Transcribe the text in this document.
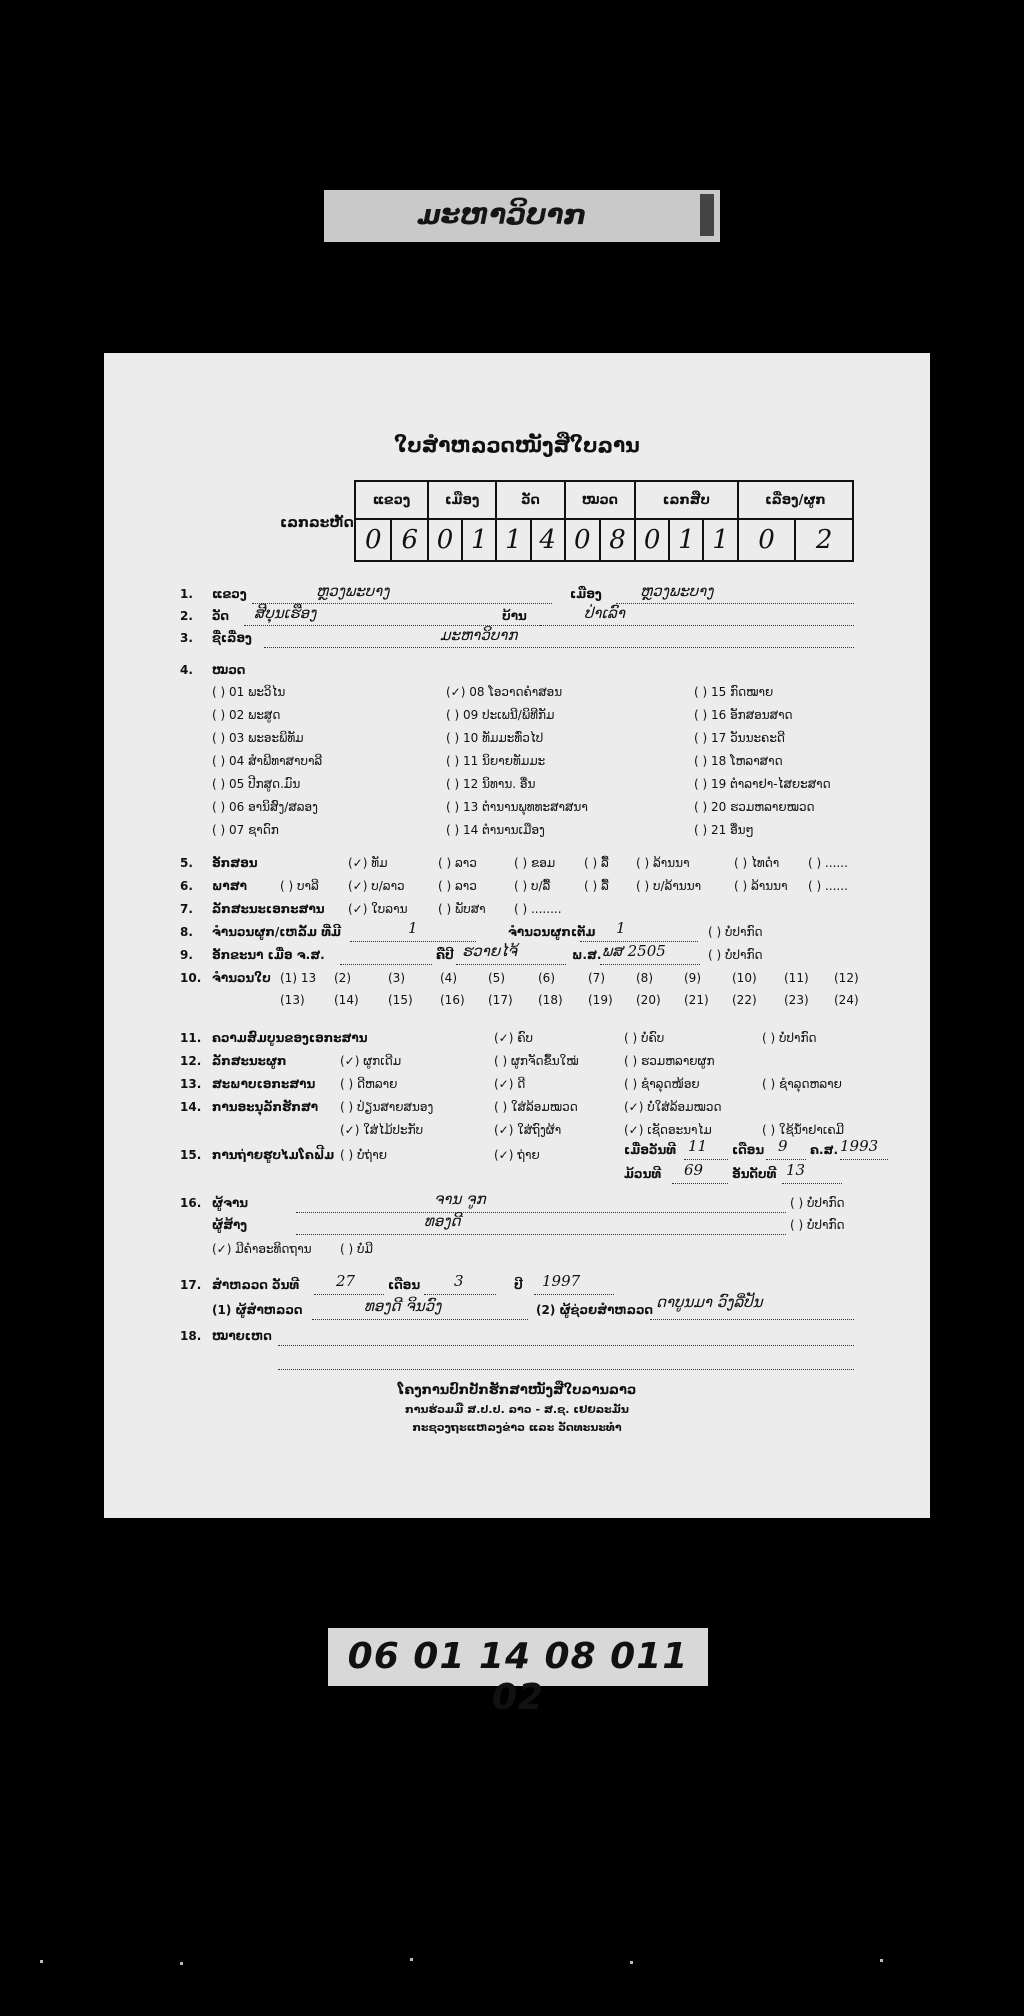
ມະຫາວິບາກ
ໃບສຳຫລວດໜັງສືໃບລານ
ເລກລະຫັດ
ແຂວງ		ເມືອງ		ວັດ		ໝວດ		ເລກສືບ			ເລື່ອງ/ຜູກ	
0	6	0	1	1	4	0	8	0	1	1	0	2
1. ແຂວງ	ຫຼວງພະບາງ	ເມືອງ	ຫຼວງພະບາງ
2. ວັດ ສີບຸນເຮືອງ	ບ້ານ	ປ່າເລົາ
3. ຊື່ເລື່ອງ	ມະຫາວິບາກ
4. ໝວດ
( ) 01 ພະວິໄນ
( ) 02 ພະສູດ
( ) 03 ພະອະພິທັມ
( ) 04 ສຳພີທາສາບາລີ
( ) 05 ປີກສູດ.ມົນ
( ) 06 ອານິສົງ/ສລອງ
( ) 07 ຊາດົກ
(✓) 08 ໂອວາດຄຳສອນ
( ) 09 ປະເພນີ/ພິທີກັມ
( ) 10 ທັມມະທົ່ວໄປ
( ) 11 ນິຍາຍທັມມະ
( ) 12 ນິທານ. ອື່ນ
( ) 13 ຕຳນານພຸທທະສາສນາ
( ) 14 ຕຳນານເມືອງ
( ) 15 ກົດໝາຍ
( ) 16 ອັກສອນສາດ
( ) 17 ວັນນະຄະດີ
( ) 18 ໂຫລາສາດ
( ) 19 ຕຳລາຢາ-ໄສຍະສາດ
( ) 20 ຮວມຫລາຍໝວດ
( ) 21 ອື່ນໆ
5. ອັກສອນ	(✓) ທັມ	( ) ລາວ	( ) ຂອມ ( ) ລື້ ( ) ລ້ານນາ	( ) ໄທດຳ ( ) ......
6. ພາສາ	( ) ບາລີ (✓) ບ/ລາວ	( ) ລາວ	( ) ບ/ລື້	( ) ລື້ ( ) ບ/ລ້ານນາ	( ) ລ້ານນາ ( ) ......
7. ລັກສະນະເອກະສານ (✓) ໃບລານ	( ) ພັບສາ ( ) ........
8. ຈຳນວນຜູກ/ເຫລັ້ມ ທີ່ມີ	1	ຈຳນວນຜູກເຕັມ 1	( ) ບໍ່ປາກົດ
9. ອັກຂະນາ ເມື່ອ ຈ.ສ.	ຄືປີ ຮວາຍໄຈ້	ພ.ສ. ພສ 2505	( ) ບໍ່ປາກົດ
10. ຈຳນວນໃບ (1) 13 (2)	(3)	(4)	(5)	(6)	(7)	(8)	(9)	(10) (11) (12)
(13) (14) (15) (16) (17) (18) (19) (20) (21) (22) (23) (24)
11. ຄວາມສົມບູນຂອງເອກະສານ	(✓) ຄົບ	( ) ບໍ່ຄົບ	( ) ບໍ່ປາກົດ
12. ລັກສະນະຜູກ	(✓) ຜູກເດີມ	( ) ຜູກຈັດຂຶ້ນໃໝ່	( ) ຮວມຫລາຍຜູກ
13. ສະພາບເອກະສານ ( ) ດີຫລາຍ	(✓) ດີ	( ) ຊຳລຸດໜ້ອຍ	( ) ຊຳລຸດຫລາຍ
14. ການອະນຸລັກຮັກສາ ( ) ປ່ຽນສາຍສນອງ	( ) ໃສ່ລ້ອມໝວດ	(✓) ບໍ່ໃສ່ລ້ອມໝວດ
(✓) ໃສ່ໄມ້ປະກັບ	(✓) ໃສ່ຖົງຜ້າ	(✓) ເຊັດອະນາໄມ	( ) ໃຊ້ນ້ຳຢາເຄມີ
15. ການຖ່າຍຮູບໄມໂຄຟີມ ( ) ບໍ່ຖ່າຍ	(✓) ຖ່າຍ	ເມື່ອວັນທີ 11 ເດືອນ 9 ຄ.ສ. 1993
ມ້ວນທີ 69 ອັນດັບທີ 13
16. ຜູ້ຈານ	ຈານ ຈູກ	( ) ບໍ່ປາກົດ
ຜູ້ສ້າງ	ທອງດີ	( ) ບໍ່ປາກົດ
(✓) ມີຄຳອະທິດຖານ ( ) ບໍ່ມີ
17. ສຳຫລວດ ວັນທີ 27	ເດືອນ 3	ປີ 1997
(1) ຜູ້ສຳຫລວດ	ທອງດີ ຈິນວົງ	(2) ຜູ້ຊ່ວຍສຳຫລວດ ດາບູນມາ ວົງລີ່ປັນ
18. ໝາຍເຫດ
ໂຄງການປົກປັກຮັກສາໜັງສືໃບລານລາວ
ການຮ່ວມມື ສ.ປ.ປ. ລາວ - ສ.ຊ. ເຢຍລະມັນ
ກະຊວງຖະແຫລງຂ່າວ ແລະ ວັດທະນະທຳ
06 01 14 08 011 02
